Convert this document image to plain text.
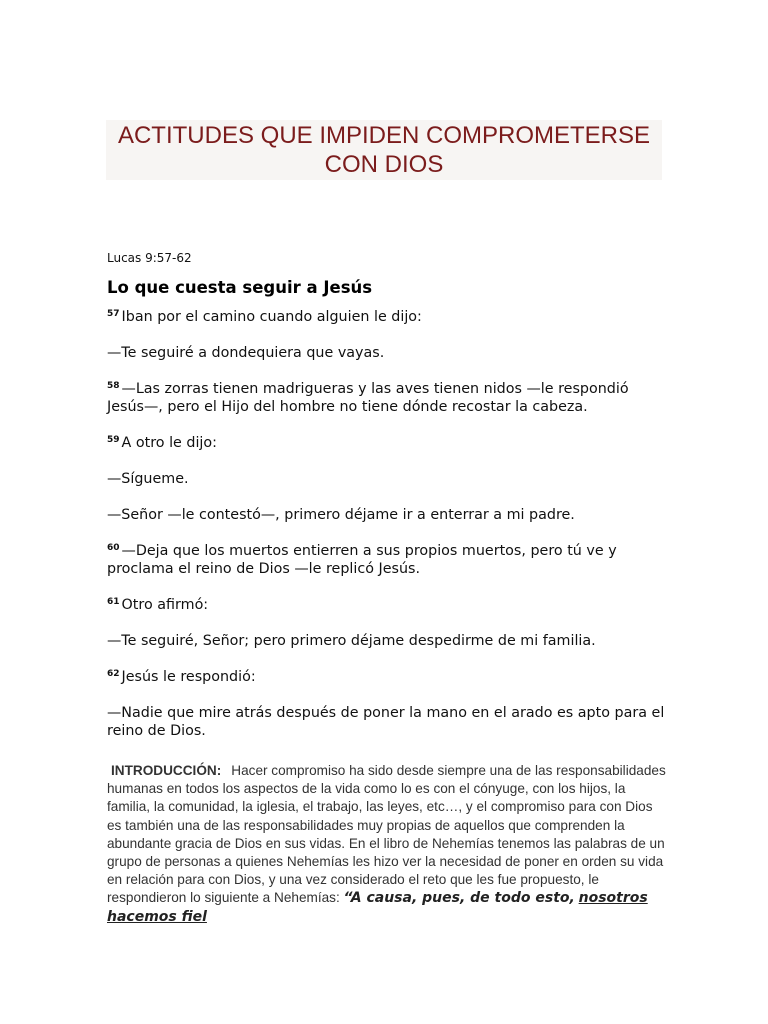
ACTITUDES QUE IMPIDEN COMPROMETERSE CON DIOS
Lucas 9:57-62
Lo que cuesta seguir a Jesús

$^{57}$ Iban por el camino cuando alguien le dijo:

—Te seguiré a dondequiera que vayas.

$^{58}$ —Las zorras tienen madrigueras y las aves tienen nidos —le respondió Jesús—, pero el Hijo del hombre no tiene dónde recostar la cabeza.

$^{59}$ A otro le dijo:

—Sígueme.

—Señor —le contestó—, primero déjame ir a enterrar a mi padre.

$^{60}$ —Deja que los muertos entierren a sus propios muertos, pero tú ve y proclama el reino de Dios —le replicó Jesús.

$^{61}$ Otro afirmó:

—Te seguiré, Señor; pero primero déjame despedirme de mi familia.

$^{62}$ Jesús le respondió:

—Nadie que mire atrás después de poner la mano en el arado es apto para el reino de Dios.

INTRODUCCIÓN: Hacer compromiso ha sido desde siempre una de las responsabilidades humanas en todos los aspectos de la vida como lo es con el cónyuge, con los hijos, la familia, la comunidad, la iglesia, el trabajo, las leyes, etc…, y el compromiso para con Dios es también una de las responsabilidades muy propias de aquellos que comprenden la abundante gracia de Dios en sus vidas. En el libro de Nehemías tenemos las palabras de un grupo de personas a quienes Nehemías les hizo ver la necesidad de poner en orden su vida en relación para con Dios, y una vez considerado el reto que les fue propuesto, le respondieron lo siguiente a Nehemías: “A causa, pues, de todo esto, nosotros hacemos fiel
